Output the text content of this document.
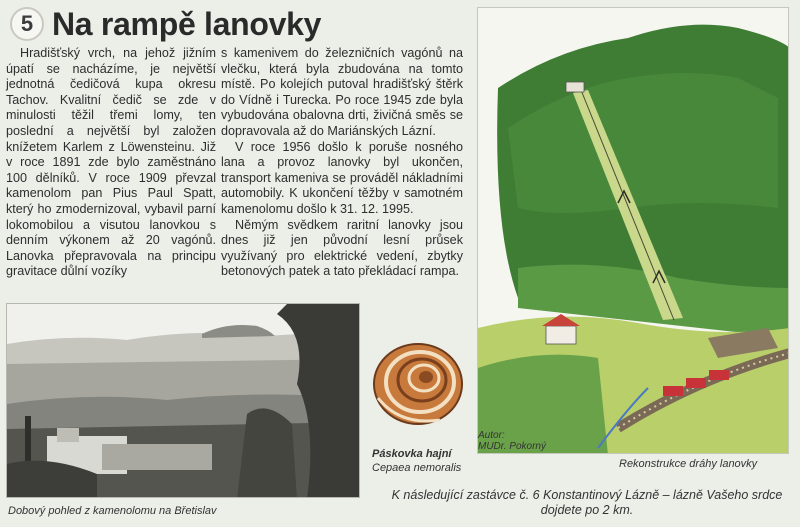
5 Na rampě lanovky

Hradišťský vrch, na jehož jižním úpatí se nacházíme, je největší jednotná čedičová kupa okresu Tachov. Kvalitní čedič se zde v minulosti těžil třemi lomy, ten poslední a největší byl založen knížetem Karlem z Löwensteinu. Již v roce 1891 zde bylo zaměstnáno 100 dělníků. V roce 1909 převzal kamenolom pan Pius Paul Spatt, který ho zmodernizoval, vybavil parní lokomobilou a visutou lanovkou s denním výkonem až 20 vagónů. Lanovka přepravovala na principu gravitace důlní vozíky

s kamenivem do železničních vagónů na vlečku, která byla zbudována na tomto místě. Po kolejích putoval hradišťský štěrk do Vídně i Turecka. Po roce 1945 zde byla vybudována obalovna drti, živičná směs se dopravovala až do Mariánských Lázní.

V roce 1956 došlo k poruše nosného lana a provoz lanovky byl ukončen, transport kameniva se prováděl nákladními automobily. K ukončení těžby v samotném kamenolomu došlo k 31. 12. 1995.

Němým svědkem raritní lanovky jsou dnes již jen původní lesní průsek využívaný pro elektrické vedení, zbytky betonových patek a tato překládací rampa.

Dobový pohled z kamenolomu na Břetislav
Páskovka hajní
Cepaea nemoralis
Autor:
MUDr. Pokorný
Rekonstrukce dráhy lanovky
K následující zastávce č. 6 Konstantinový Lázně – lázně Vašeho srdce dojdete po 2 km.
